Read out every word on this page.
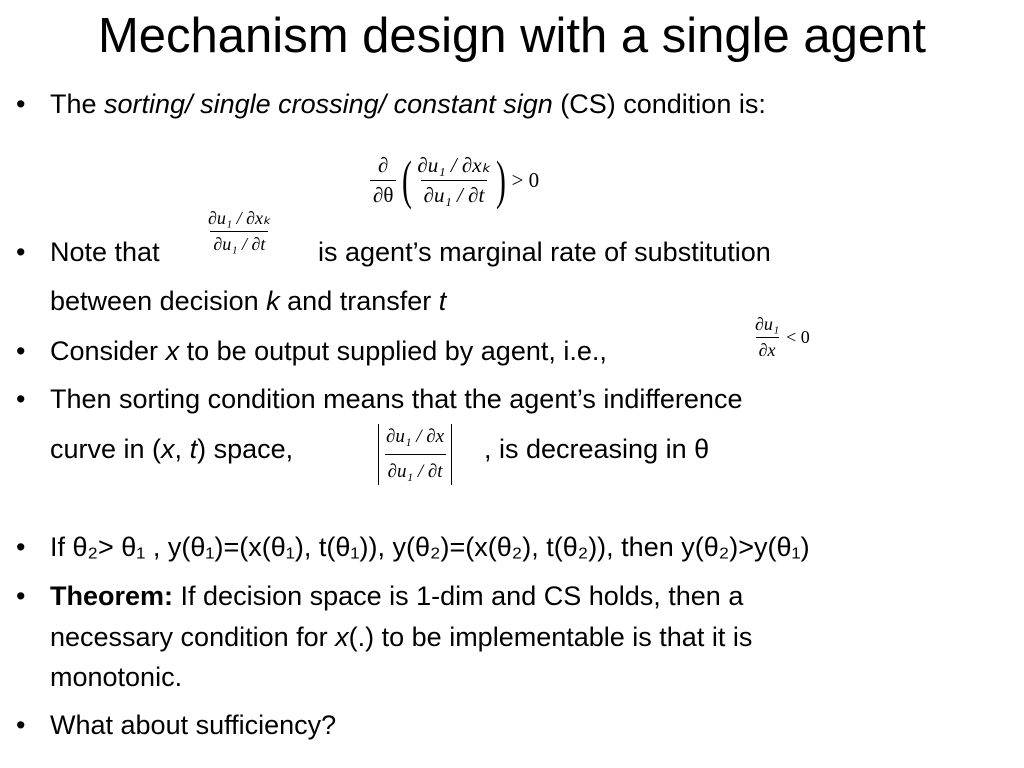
Mechanism design with a single agent
• The sorting/ single crossing/ constant sign (CS) condition is:
$\frac{\partial}{\partial\theta}$ ( $\frac{\text{∂u₁ / ∂xₖ}}{\text{∂u₁ / ∂t}}$ ) > 0
• Note that	$\frac{\text{∂u₁ / ∂xₖ}}{\text{∂u₁ / ∂t}}$ is agent’s marginal rate of substitution
between decision k and transfer t
• Consider x to be output supplied by agent, i.e.,	$\frac{\text{∂u₁}}{\partial x} < 0$
• Then sorting condition means that the agent’s indifference
curve in (x, t) space,	$\frac{\text{∂u₁ / ∂x}}{\text{∂u₁ / ∂t}}$ , is decreasing in θ
• If θ₂> θ₁ , y(θ₁)=(x(θ₁), t(θ₁)), y(θ₂)=(x(θ₂), t(θ₂)), then y(θ₂)>y(θ₁)
• Theorem: If decision space is 1-dim and CS holds, then a
necessary condition for x(.) to be implementable is that it is
monotonic.
• What about sufficiency?
